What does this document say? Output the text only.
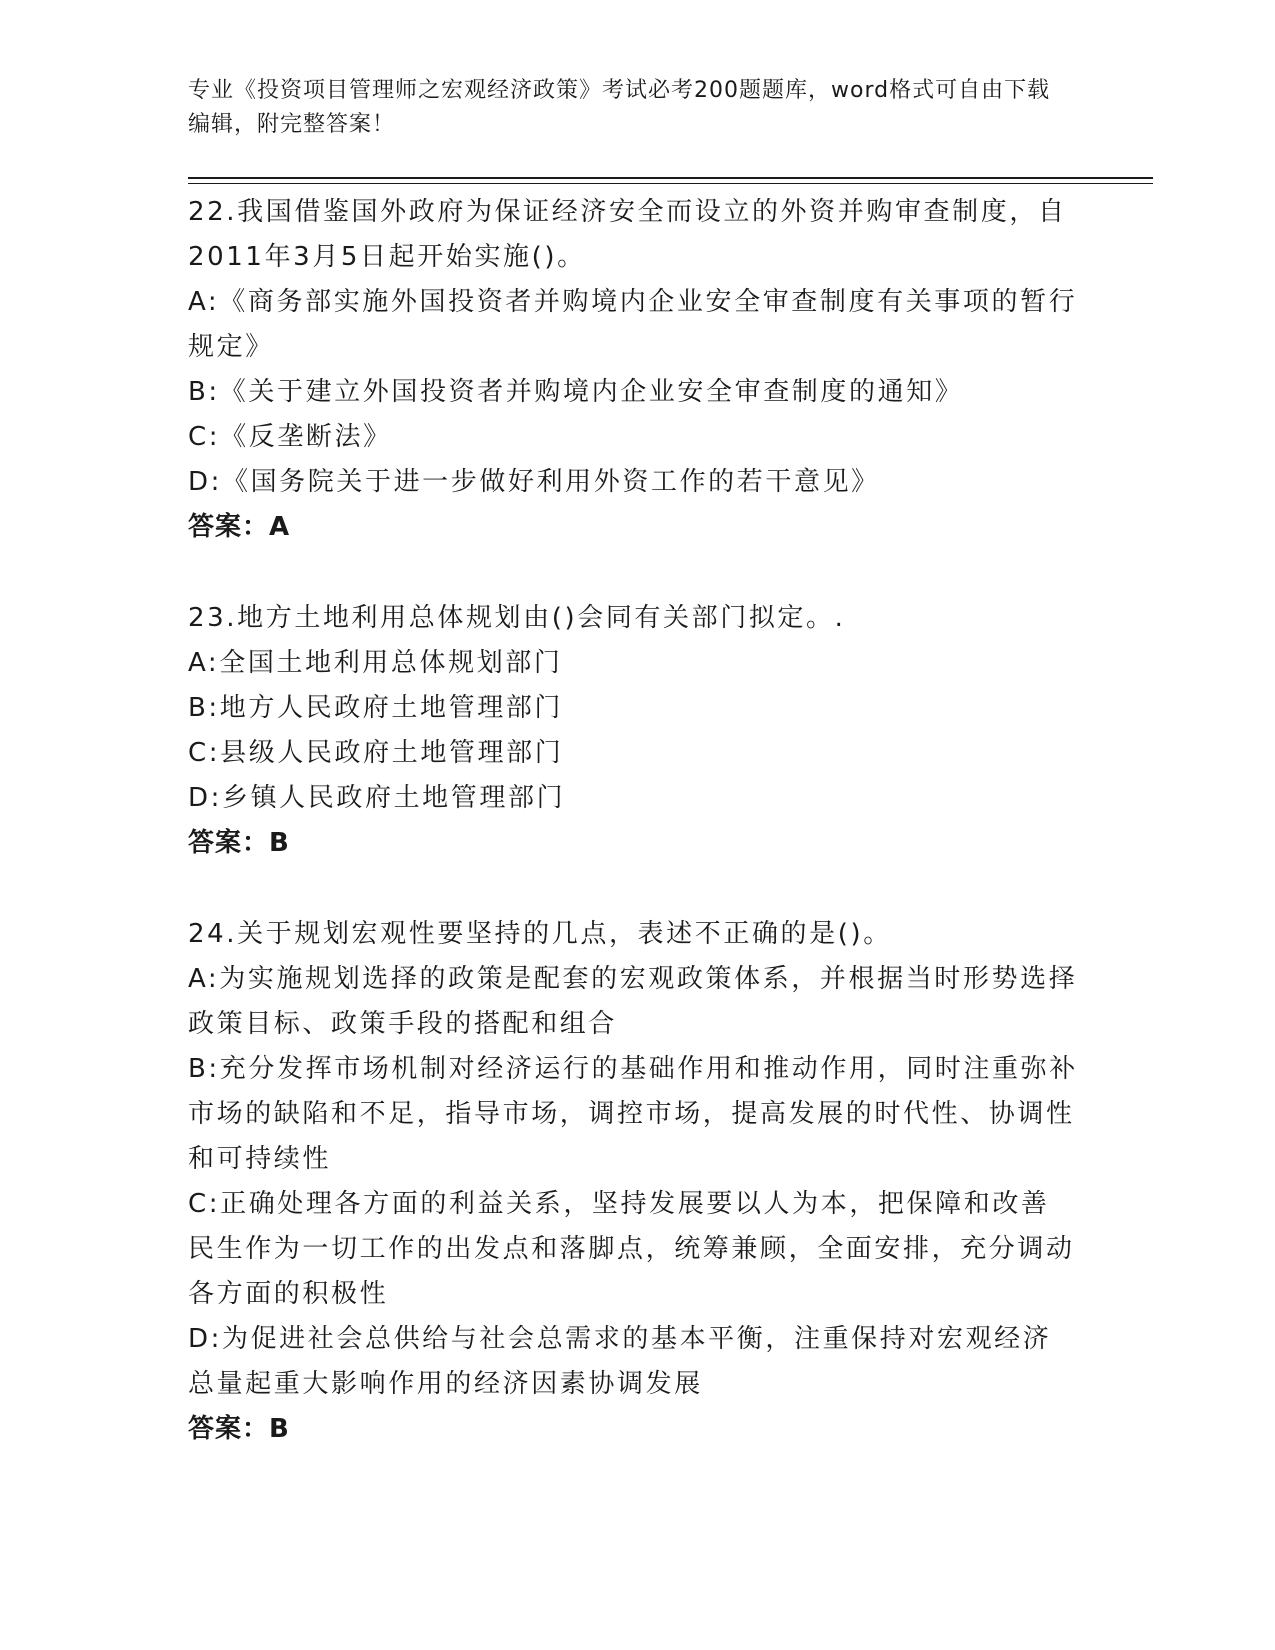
专业《投资项目管理师之宏观经济政策》考试必考200题题库，word格式可自由下载编辑，附完整答案！

22.我国借鉴国外政府为保证经济安全而设立的外资并购审查制度，自2011年3月5日起开始实施()。

A:《商务部实施外国投资者并购境内企业安全审查制度有关事项的暂行规定》

B:《关于建立外国投资者并购境内企业安全审查制度的通知》

C:《反垄断法》

D:《国务院关于进一步做好利用外资工作的若干意见》

答案：A

23.地方土地利用总体规划由()会同有关部门拟定。.

A:全国土地利用总体规划部门

B:地方人民政府土地管理部门

C:县级人民政府土地管理部门

D:乡镇人民政府土地管理部门

答案：B

24.关于规划宏观性要坚持的几点，表述不正确的是()。

A:为实施规划选择的政策是配套的宏观政策体系，并根据当时形势选择政策目标、政策手段的搭配和组合

B:充分发挥市场机制对经济运行的基础作用和推动作用，同时注重弥补市场的缺陷和不足，指导市场，调控市场，提高发展的时代性、协调性和可持续性

C:正确处理各方面的利益关系，坚持发展要以人为本，把保障和改善民生作为一切工作的出发点和落脚点，统筹兼顾，全面安排，充分调动各方面的积极性

D:为促进社会总供给与社会总需求的基本平衡，注重保持对宏观经济总量起重大影响作用的经济因素协调发展

答案：B
